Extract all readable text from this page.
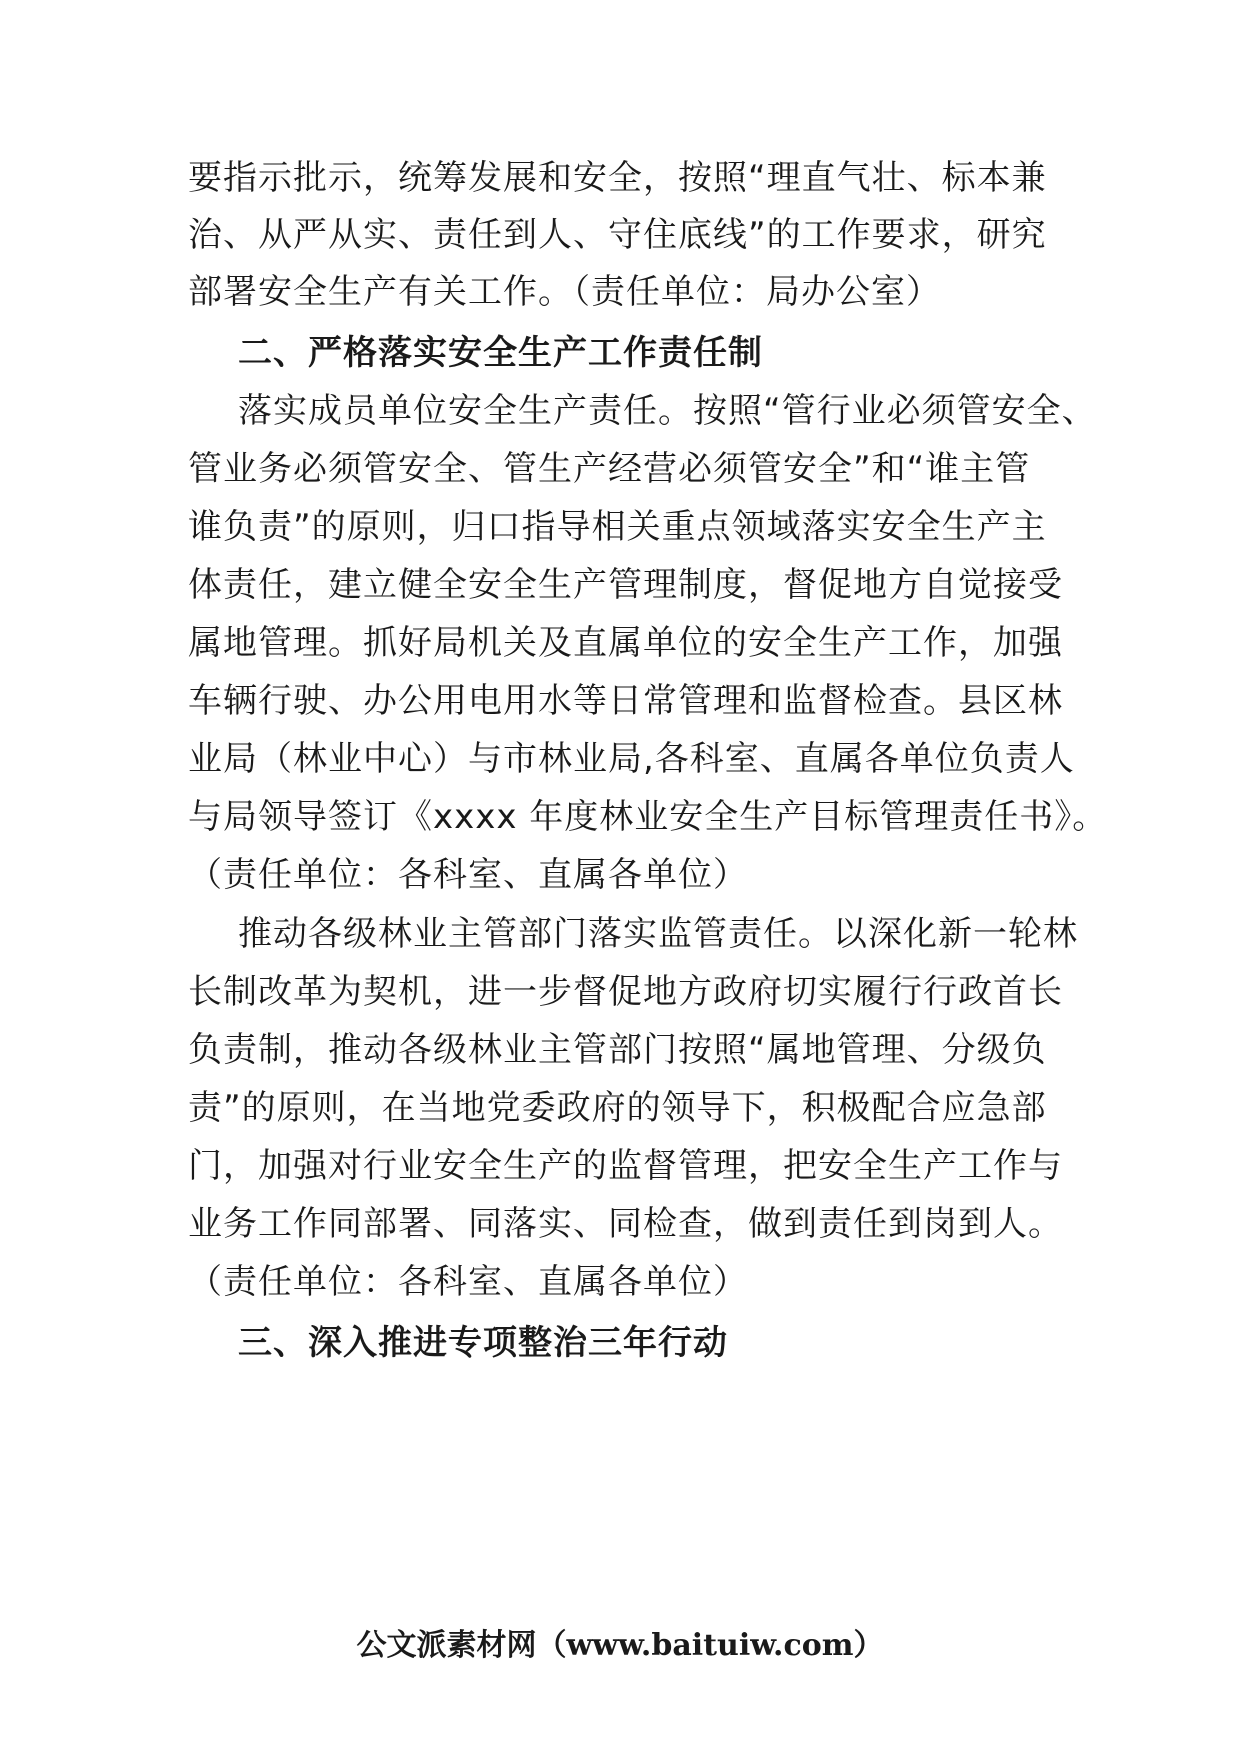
要指示批示，统筹发展和安全，按照“理直气壮、标本兼
治、从严从实、责任到人、守住底线”的工作要求，研究
部署安全生产有关工作。（责任单位：局办公室）
二、严格落实安全生产工作责任制
落实成员单位安全生产责任。按照“管行业必须管安全、
管业务必须管安全、管生产经营必须管安全”和“谁主管
谁负责”的原则，归口指导相关重点领域落实安全生产主
体责任，建立健全安全生产管理制度，督促地方自觉接受
属地管理。抓好局机关及直属单位的安全生产工作，加强
车辆行驶、办公用电用水等日常管理和监督检查。县区林
业局（林业中心）与市林业局,各科室、直属各单位负责人
与局领导签订《xxxx 年度林业安全生产目标管理责任书》。
（责任单位：各科室、直属各单位）
推动各级林业主管部门落实监管责任。以深化新一轮林
长制改革为契机，进一步督促地方政府切实履行行政首长
负责制，推动各级林业主管部门按照“属地管理、分级负
责”的原则，在当地党委政府的领导下，积极配合应急部
门，加强对行业安全生产的监督管理，把安全生产工作与
业务工作同部署、同落实、同检查，做到责任到岗到人。
（责任单位：各科室、直属各单位）
三、深入推进专项整治三年行动
公文派素材网（www.baituiw.com）
